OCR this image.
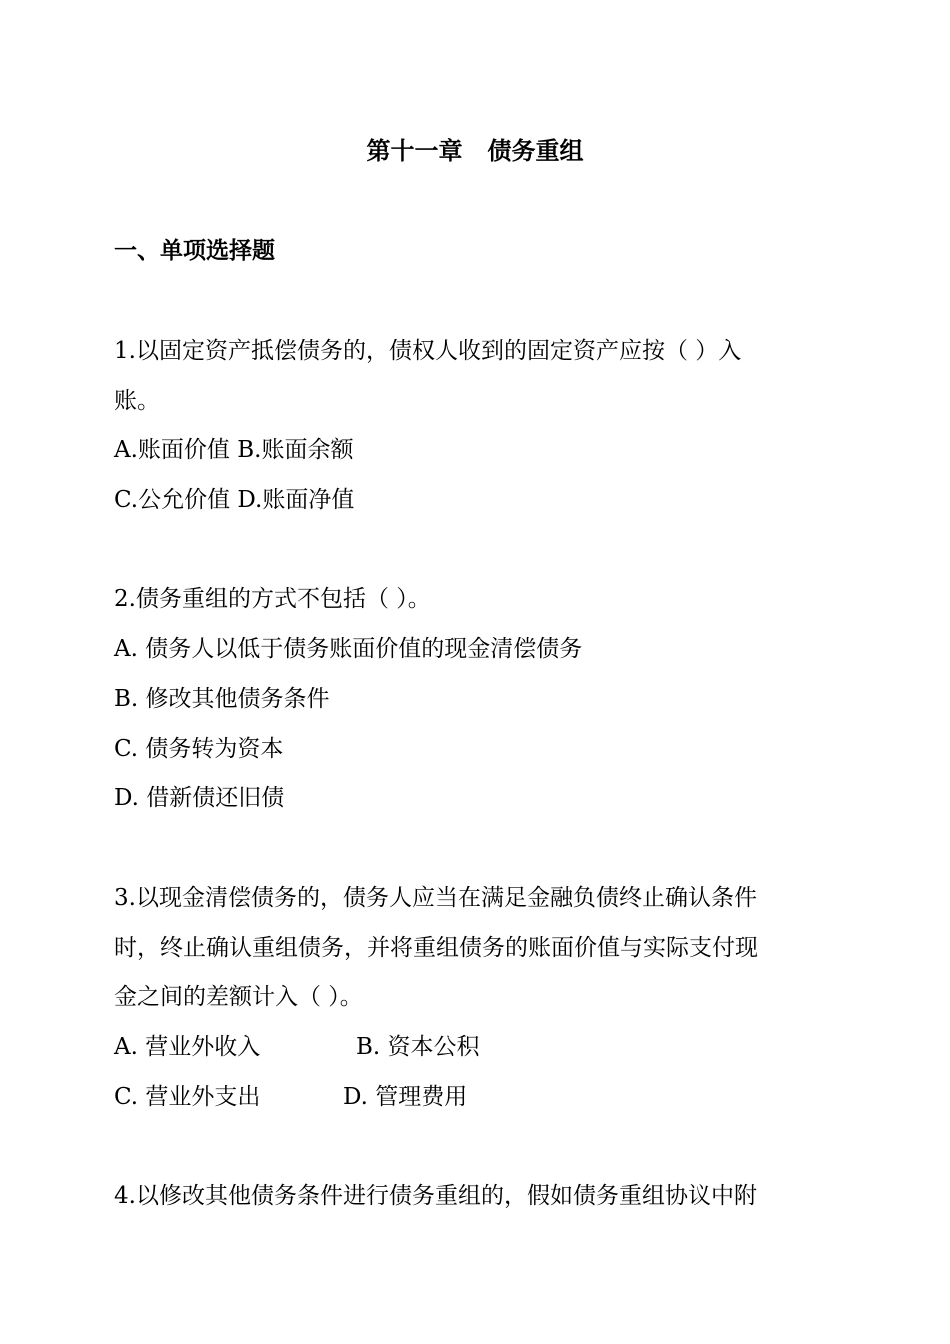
第十一章   债务重组
一、单项选择题
1.以固定资产抵偿债务的，债权人收到的固定资产应按（ ）入
账。
A.账面价值 B.账面余额
C.公允价值 D.账面净值
2.债务重组的方式不包括（ ）。
A. 债务人以低于债务账面价值的现金清偿债务
B. 修改其他债务条件
C. 债务转为资本
D. 借新债还旧债
3.以现金清偿债务的，债务人应当在满足金融负债终止确认条件
时，终止确认重组债务，并将重组债务的账面价值与实际支付现
金之间的差额计入（ ）。
A. 营业外收入	B. 资本公积
C. 营业外支出	D. 管理费用
4.以修改其他债务条件进行债务重组的，假如债务重组协议中附
